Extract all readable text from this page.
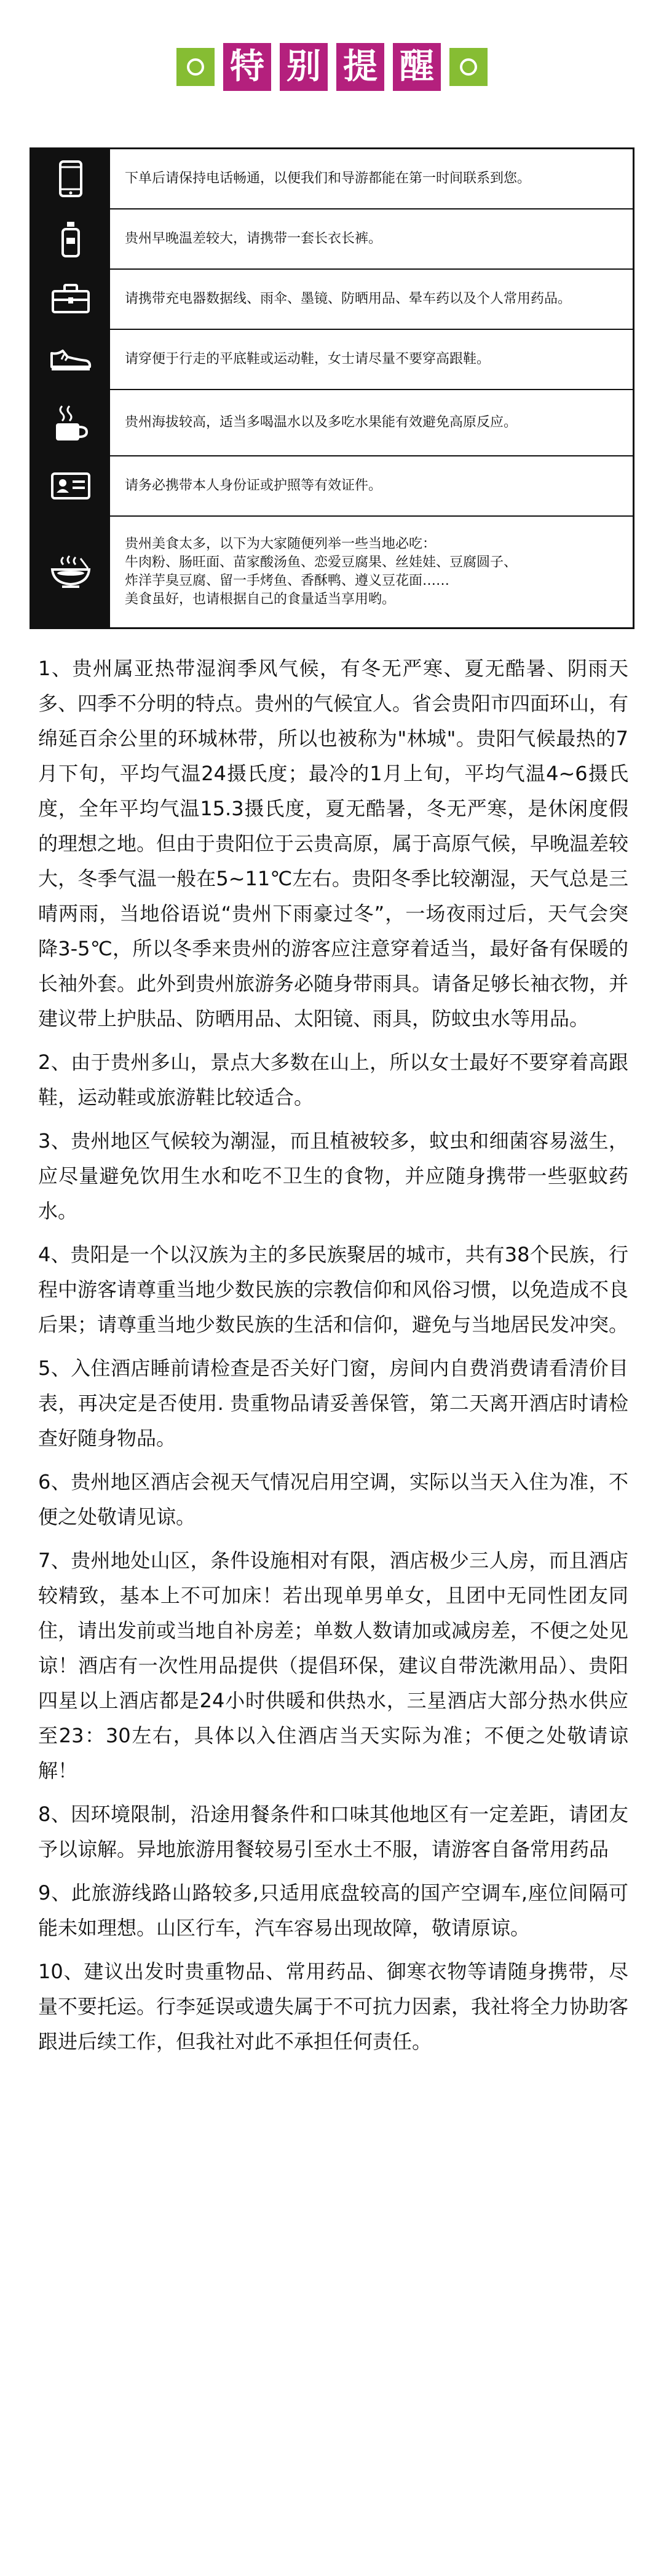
特 别 提 醒
下单后请保持电话畅通，以便我们和导游都能在第一时间联系到您。
贵州早晚温差较大，请携带一套长衣长裤。
请携带充电器数据线、雨伞、墨镜、防晒用品、晕车药以及个人常用药品。
请穿便于行走的平底鞋或运动鞋，女士请尽量不要穿高跟鞋。
贵州海拔较高，适当多喝温水以及多吃水果能有效避免高原反应。
请务必携带本人身份证或护照等有效证件。
贵州美食太多，以下为大家随便列举一些当地必吃：
牛肉粉、肠旺面、苗家酸汤鱼、恋爱豆腐果、丝娃娃、豆腐圆子、
炸洋芋臭豆腐、留一手烤鱼、香酥鸭、遵义豆花面……
美食虽好，也请根据自己的食量适当享用哟。

1、贵州属亚热带湿润季风气候，有冬无严寒、夏无酷暑、阴雨天多、四季不分明的特点。贵州的气候宜人。省会贵阳市四面环山，有绵延百余公里的环城林带，所以也被称为"林城"。贵阳气候最热的7月下旬，平均气温24摄氏度；最冷的1月上旬，平均气温4~6摄氏度，全年平均气温15.3摄氏度，夏无酷暑，冬无严寒，是休闲度假的理想之地。但由于贵阳位于云贵高原，属于高原气候，早晚温差较大，冬季气温一般在5~11℃左右。贵阳冬季比较潮湿，天气总是三晴两雨，当地俗语说“贵州下雨豪过冬”，一场夜雨过后，天气会突降3-5℃，所以冬季来贵州的游客应注意穿着适当，最好备有保暖的长袖外套。此外到贵州旅游务必随身带雨具。请备足够长袖衣物，并建议带上护肤品、防晒用品、太阳镜、雨具，防蚊虫水等用品。

2、由于贵州多山，景点大多数在山上，所以女士最好不要穿着高跟鞋，运动鞋或旅游鞋比较适合。

3、贵州地区气候较为潮湿，而且植被较多，蚊虫和细菌容易滋生，应尽量避免饮用生水和吃不卫生的食物，并应随身携带一些驱蚊药水。

4、贵阳是一个以汉族为主的多民族聚居的城市，共有38个民族，行程中游客请尊重当地少数民族的宗教信仰和风俗习惯，以免造成不良后果；请尊重当地少数民族的生活和信仰，避免与当地居民发冲突。

5、入住酒店睡前请检查是否关好门窗，房间内自费消费请看清价目表，再决定是否使用. 贵重物品请妥善保管，第二天离开酒店时请检查好随身物品。

6、贵州地区酒店会视天气情况启用空调，实际以当天入住为准，不便之处敬请见谅。

7、贵州地处山区，条件设施相对有限，酒店极少三人房，而且酒店较精致，基本上不可加床！若出现单男单女，且团中无同性团友同住，请出发前或当地自补房差；单数人数请加或减房差，不便之处见谅！酒店有一次性用品提供（提倡环保，建议自带洗漱用品）、贵阳四星以上酒店都是24小时供暖和供热水，三星酒店大部分热水供应至23：30左右，具体以入住酒店当天实际为准；不便之处敬请谅解！

8、因环境限制，沿途用餐条件和口味其他地区有一定差距，请团友予以谅解。异地旅游用餐较易引至水土不服，请游客自备常用药品

9、此旅游线路山路较多,只适用底盘较高的国产空调车,座位间隔可能未如理想。山区行车，汽车容易出现故障，敬请原谅。

10、建议出发时贵重物品、常用药品、御寒衣物等请随身携带，尽量不要托运。行李延误或遗失属于不可抗力因素，我社将全力协助客跟进后续工作，但我社对此不承担任何责任。
